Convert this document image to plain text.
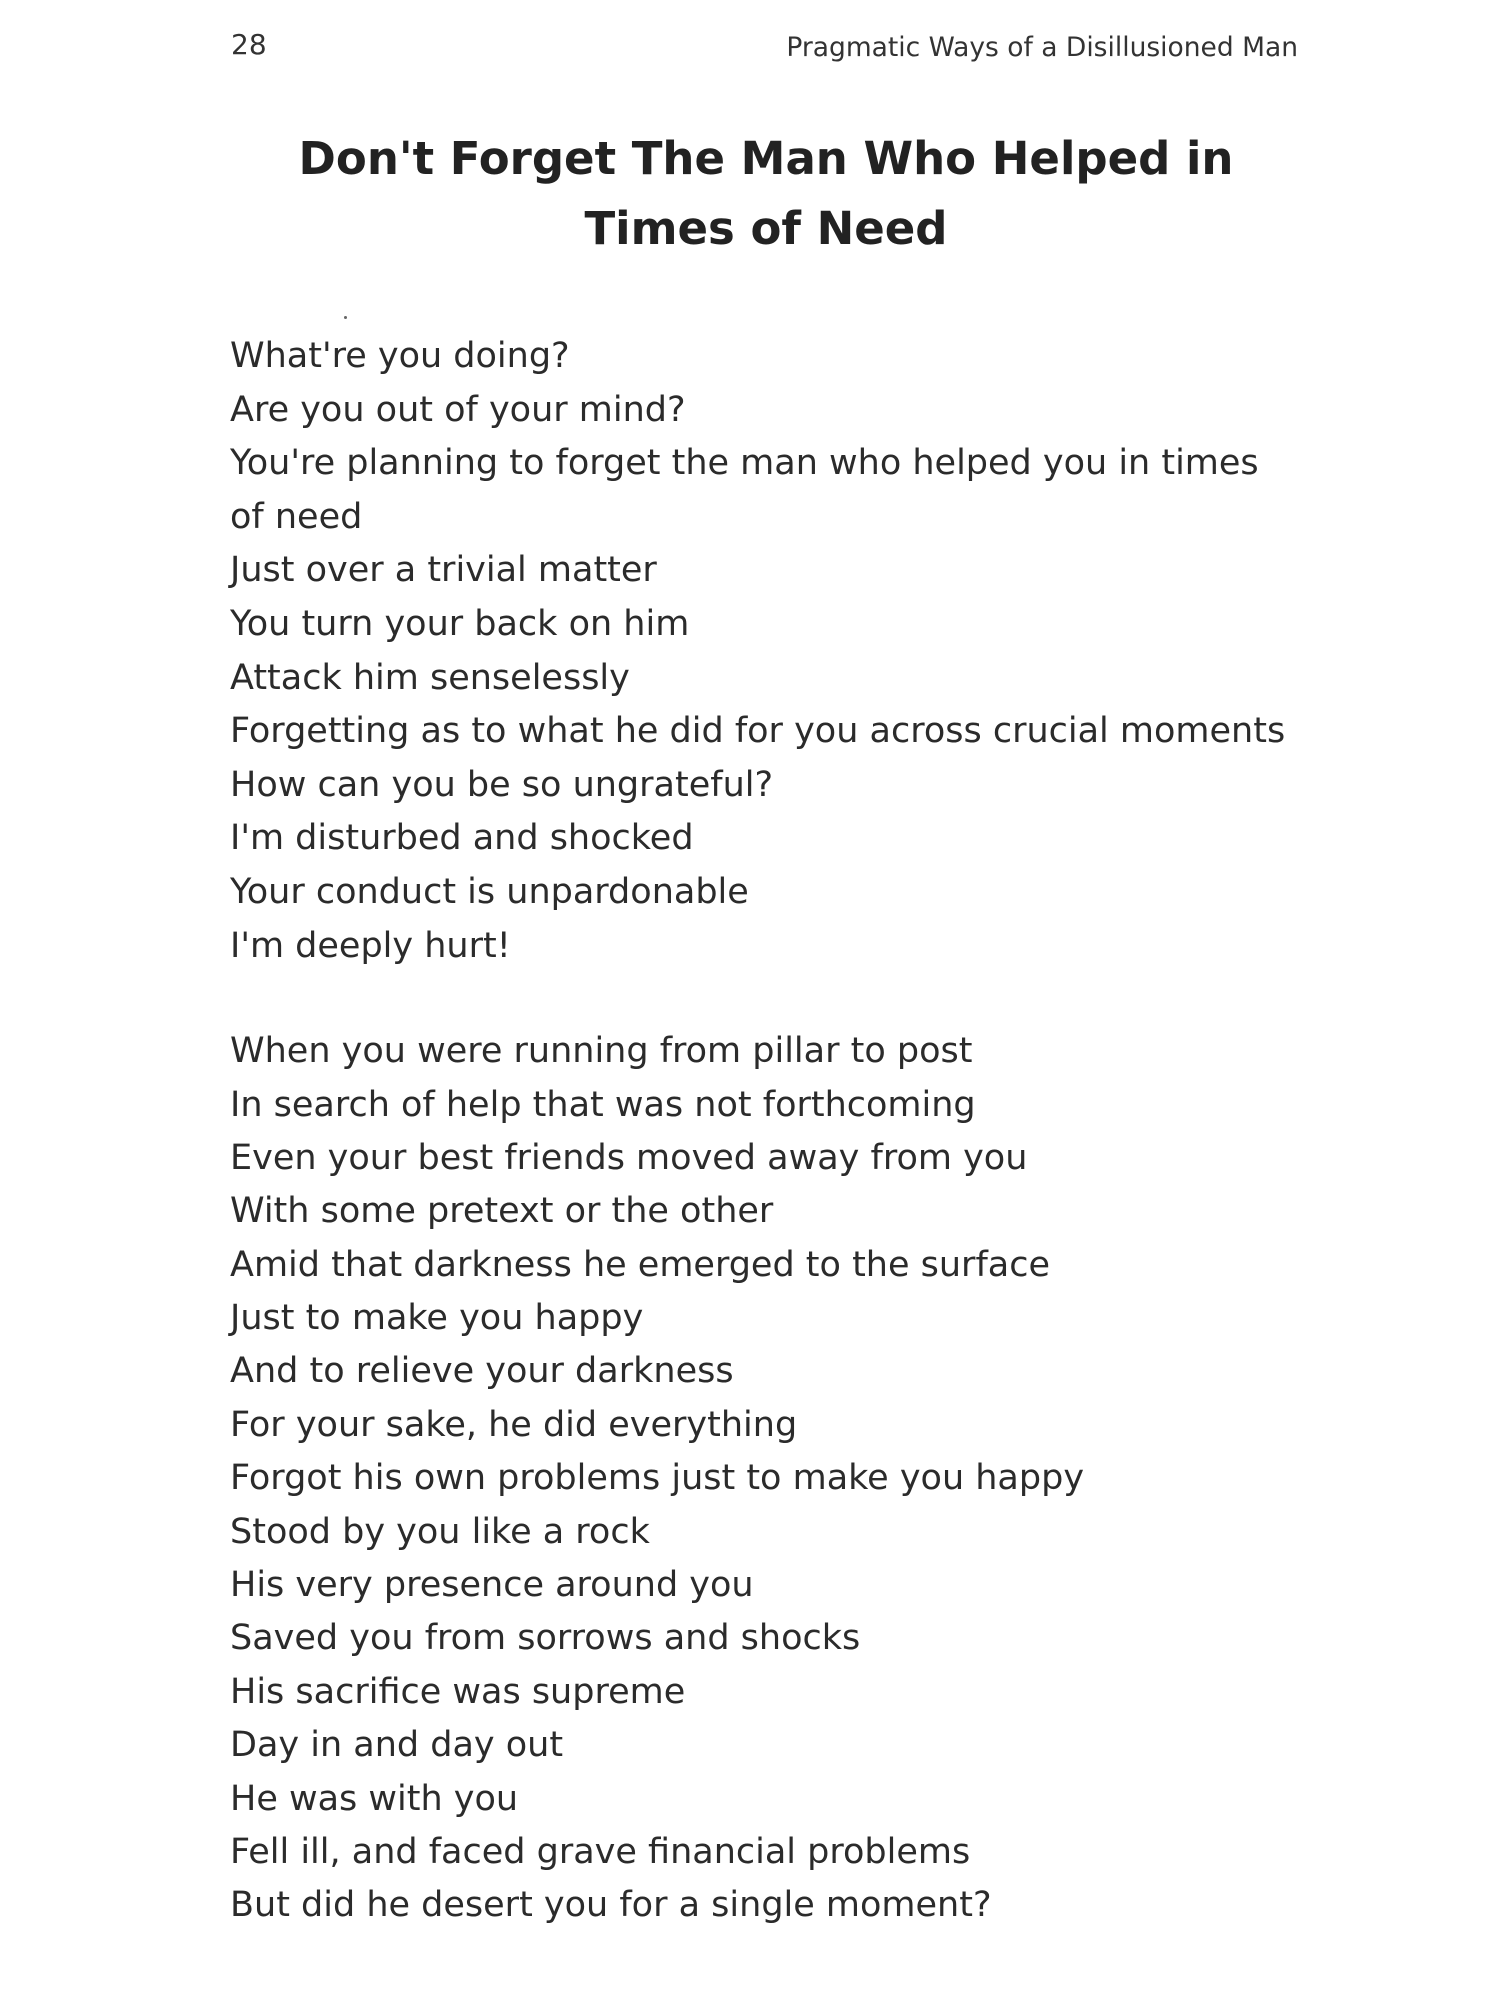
28	Pragmatic Ways of a Disillusioned Man
Don't Forget The Man Who Helped in
Times of Need
What're you doing?
Are you out of your mind?
You're planning to forget the man who helped you in times
of need
Just over a trivial matter
You turn your back on him
Attack him senselessly
Forgetting as to what he did for you across crucial moments
How can you be so ungrateful?
I'm disturbed and shocked
Your conduct is unpardonable
I'm deeply hurt!
When you were running from pillar to post
In search of help that was not forthcoming
Even your best friends moved away from you
With some pretext or the other
Amid that darkness he emerged to the surface
Just to make you happy
And to relieve your darkness
For your sake, he did everything
Forgot his own problems just to make you happy
Stood by you like a rock
His very presence around you
Saved you from sorrows and shocks
His sacrifice was supreme
Day in and day out
He was with you
Fell ill, and faced grave financial problems
But did he desert you for a single moment?
